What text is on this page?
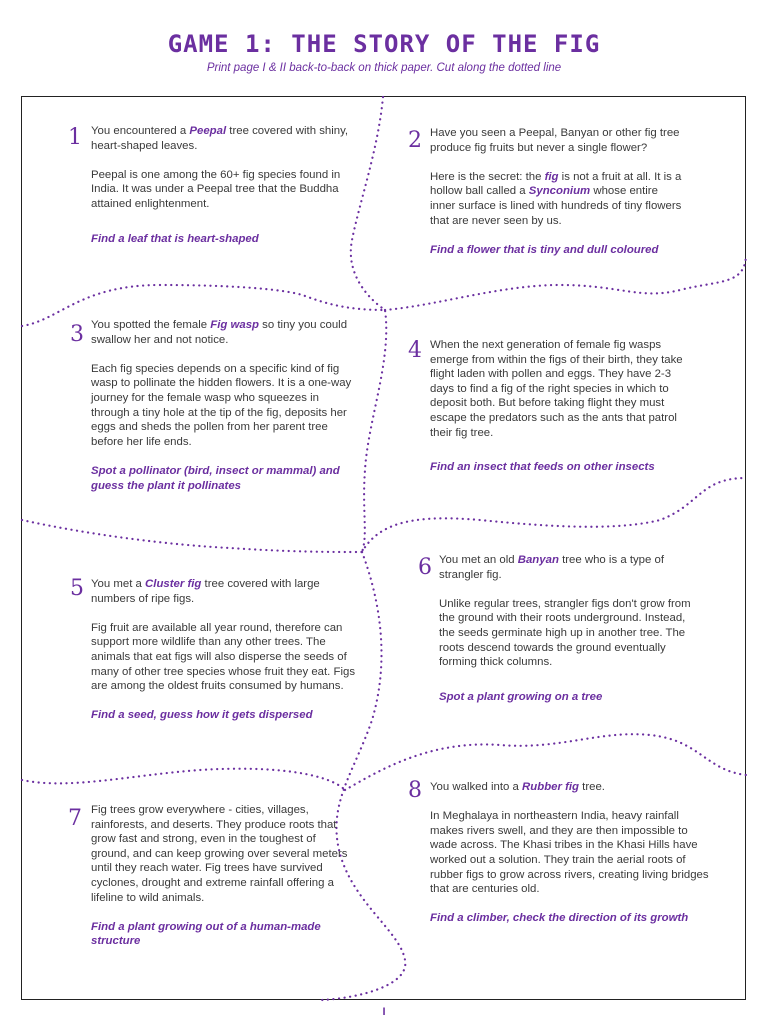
GAME 1: THE STORY OF THE FIG
Print page I & II back-to-back on thick paper. Cut along the dotted line
1 You encountered a Peepal tree covered with shiny, heart-shaped leaves.

Peepal is one among the 60+ fig species found in India. It was under a Peepal tree that the Buddha attained enlightenment.

Find a leaf that is heart-shaped

2 Have you seen a Peepal, Banyan or other fig tree produce fig fruits but never a single flower?

Here is the secret: the fig is not a fruit at all. It is a hollow ball called a Synconium whose entire inner surface is lined with hundreds of tiny flowers that are never seen by us.

Find a flower that is tiny and dull coloured

3 You spotted the female Fig wasp so tiny you could swallow her and not notice.

Each fig species depends on a specific kind of fig wasp to pollinate the hidden flowers. It is a one-way journey for the female wasp who squeezes in through a tiny hole at the tip of the fig, deposits her eggs and sheds the pollen from her parent tree before her life ends.

Spot a pollinator (bird, insect or mammal) and guess the plant it pollinates

4 When the next generation of female fig wasps emerge from within the figs of their birth, they take flight laden with pollen and eggs. They have 2-3 days to find a fig of the right species in which to deposit both. But before taking flight they must escape the predators such as the ants that patrol their fig tree.

Find an insect that feeds on other insects

5 You met a Cluster fig tree covered with large numbers of ripe figs.

Fig fruit are available all year round, therefore can support more wildlife than any other trees. The animals that eat figs will also disperse the seeds of many of other tree species whose fruit they eat. Figs are among the oldest fruits consumed by humans.

Find a seed, guess how it gets dispersed

6 You met an old Banyan tree who is a type of strangler fig.

Unlike regular trees, strangler figs don't grow from the ground with their roots underground. Instead, the seeds germinate high up in another tree. The roots descend towards the ground eventually forming thick columns.

Spot a plant growing on a tree

7 Fig trees grow everywhere - cities, villages, rainforests, and deserts. They produce roots that grow fast and strong, even in the toughest of ground, and can keep growing over several meters until they reach water. Fig trees have survived cyclones, drought and extreme rainfall offering a lifeline to wild animals.

Find a plant growing out of a human-made structure

8 You walked into a Rubber fig tree.

In Meghalaya in northeastern India, heavy rainfall makes rivers swell, and they are then impossible to wade across. The Khasi tribes in the Khasi Hills have worked out a solution. They train the aerial roots of rubber figs to grow across rivers, creating living bridges that are centuries old.

Find a climber, check the direction of its growth

I
